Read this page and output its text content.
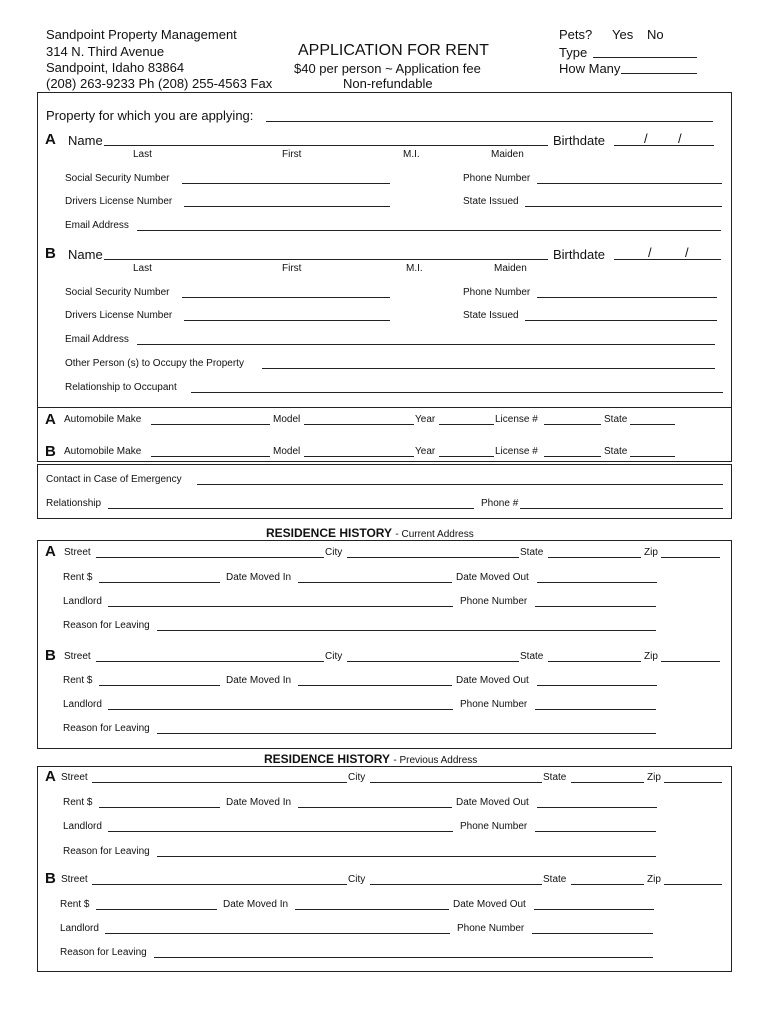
Sandpoint Property Management
314 N. Third Avenue
Sandpoint, Idaho 83864
(208) 263-9233 Ph (208) 255-4563 Fax
APPLICATION FOR RENT
$40 per person ~ Application fee
Non-refundable
Pets? Yes No
Type
How Many
Property for which you are applying:
A Name	Birthdate	/ /
Last	First	M.I.	Maiden
Social Security Number	Phone Number
Drivers License Number	State Issued
Email Address
B Name	Birthdate	/	/
Last	First	M.I.	Maiden
Social Security Number	Phone Number
Drivers License Number	State Issued
Email Address
Other Person (s) to Occupy the Property
Relationship to Occupant
A Automobile Make	Model	Year	License #	State
B Automobile Make	Model	Year	License #	State
Contact in Case of Emergency
Relationship	Phone #
RESIDENCE HISTORY - Current Address
A Street	City	State	Zip
Rent $	Date Moved In	Date Moved Out
Landlord	Phone Number
Reason for Leaving
B Street	City	State	Zip
Rent $	Date Moved In	Date Moved Out
Landlord	Phone Number
Reason for Leaving
RESIDENCE HISTORY - Previous Address
A Street	City	State	Zip
Rent $	Date Moved In	Date Moved Out
Landlord	Phone Number
Reason for Leaving
B Street	City	State	Zip
Rent $	Date Moved In	Date Moved Out
Landlord	Phone Number
Reason for Leaving
